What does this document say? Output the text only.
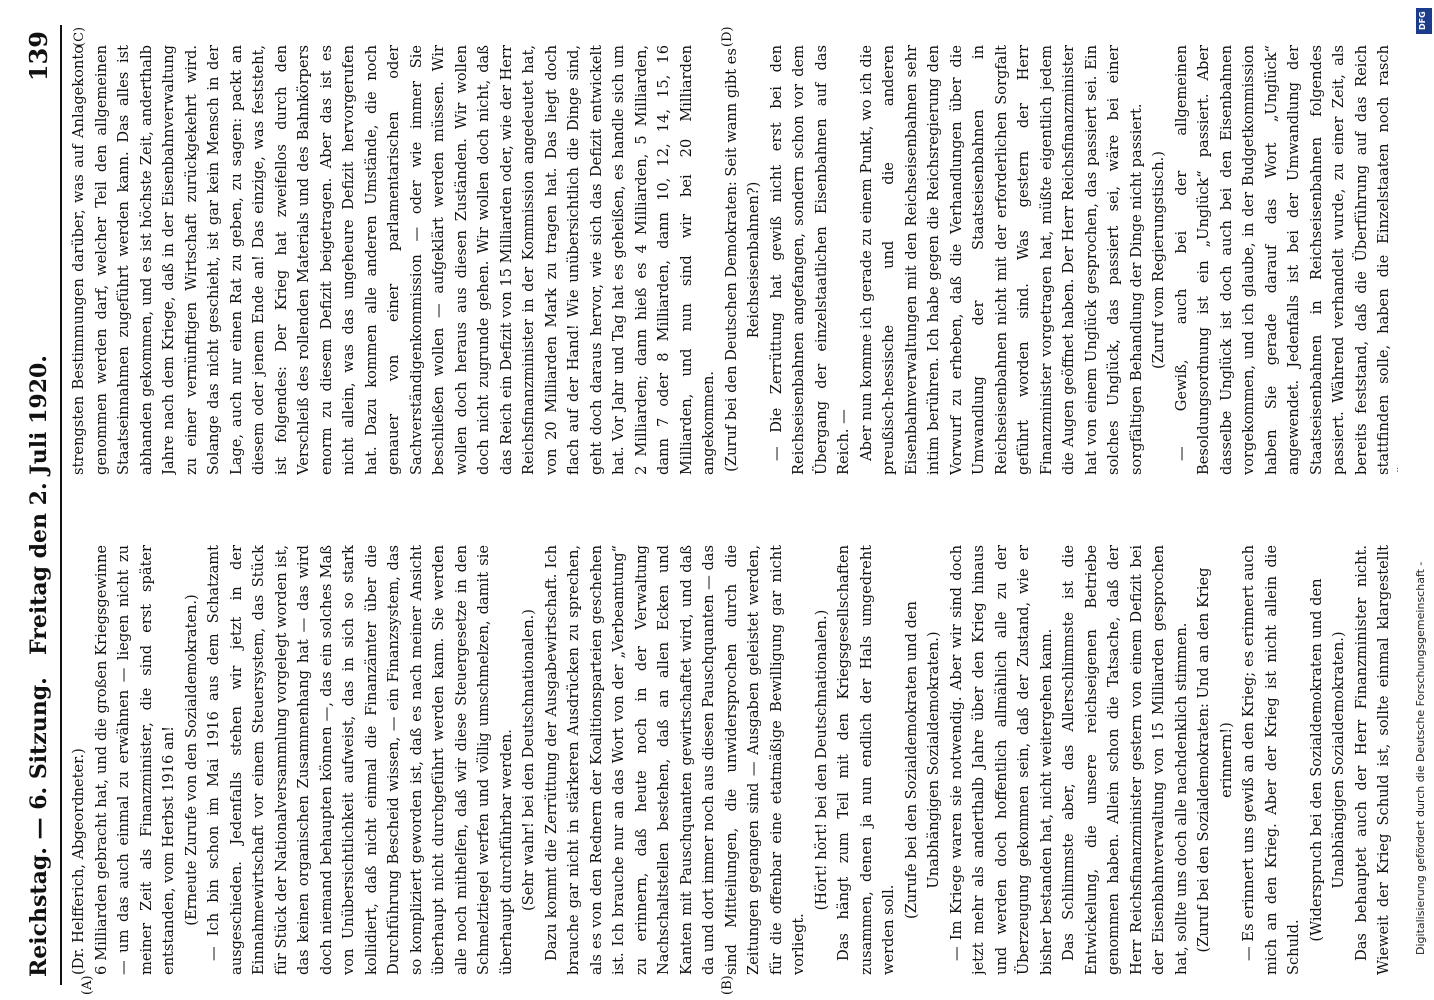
Reichstag. — 6. Sitzung.
Freitag den 2. Juli 1920.
139

(Dr. Helfferich, Abgeordneter.) 6 Milliarden gebracht hat, und die großen Kriegsgewinne — um das auch einmal zu erwähnen — liegen nicht zu meiner Zeit als Finanzminister, die sind erst später entstanden, vom Herbst 1916 an! (Erneute Zurufe von den Sozialdemokraten.) — Ich bin schon im Mai 1916 aus dem Schatzamt ausgeschieden. Jedenfalls stehen wir jetzt in der Einnahmewirtschaft vor einem Steuersystem, das Stück für Stück der Nationalversammlung vorgelegt worden ist, das keinen organischen Zusammenhang hat — das wird doch niemand behaupten können —, das ein solches Maß von Unübersichtlichkeit aufweist, das in sich so stark kollidiert, daß nicht einmal die Finanzämter über die Durchführung Bescheid wissen, — ein Finanzsystem, das so kompliziert geworden ist, daß es nach meiner Ansicht überhaupt nicht durchgeführt werden kann. Sie werden alle noch mithelfen, daß wir diese Steuergesetze in den Schmelztiegel werfen und völlig umschmelzen, damit sie überhaupt durchführbar werden. (Sehr wahr! bei den Deutschnationalen.) Dazu kommt die Zerrüttung der Ausgabewirtschaft. Ich brauche gar nicht in stärkeren Ausdrücken zu sprechen, als es von den Rednern der Koalitionsparteien geschehen ist. Ich brauche nur an das Wort von der „Verbeamtung“ zu erinnern, daß heute noch in der Verwaltung Nachschaltstellen bestehen, daß an allen Ecken und Kanten mit Pauschquanten gewirtschaftet wird, und daß da und dort immer noch aus diesen Pauschquanten — das sind Mitteilungen, die unwidersprochen durch die Zeitungen gegangen sind — Ausgaben geleistet werden, für die offenbar eine etatmäßige Bewilligung gar nicht vorliegt.

(Hört! hört! bei den Deutschnationalen.) Das hängt zum Teil mit den Kriegsgesellschaften zusammen, denen ja nun endlich der Hals umgedreht werden soll.

(Zurufe bei den Sozialdemokraten und den Unabhängigen Sozialdemokraten.) — Im Kriege waren sie notwendig. Aber wir sind doch jetzt mehr als anderthalb Jahre über den Krieg hinaus und werden doch hoffentlich allmählich alle zu der Überzeugung gekommen sein, daß der Zustand, wie er bisher bestanden hat, nicht weitergehen kann. Das Schlimmste aber, das Allerschlimmste ist die Entwickelung, die unsere reichseigenen Betriebe genommen haben. Allein schon die Tatsache, daß der Herr Reichsfinanzminister gestern von einem Defizit bei der Eisenbahnverwaltung von 15 Milliarden gesprochen hat, sollte uns doch alle nachdenklich stimmen. (Zuruf bei den Sozialdemokraten: Und an den Krieg erinnern!) — Es erinnert uns gewiß an den Krieg; es erinnert auch mich an den Krieg. Aber der Krieg ist nicht allein die Schuld.

(Widerspruch bei den Sozialdemokraten und den Unabhängigen Sozialdemokraten.)

Das behauptet auch der Herr Finanzminister nicht. Wieweit der Krieg Schuld ist, sollte einmal klargestellt

strengsten Bestimmungen darüber, was auf Anlagekonto genommen werden darf, welcher Teil den allgemeinen Staatseinnahmen zugeführt werden kann. Das alles ist abhanden gekommen, und es ist höchste Zeit, anderthalb Jahre nach dem Kriege, daß in der Eisenbahnverwaltung zu einer vernünftigen Wirtschaft zurückgekehrt wird. Solange das nicht geschieht, ist gar kein Mensch in der Lage, auch nur einen Rat zu geben, zu sagen: packt an diesem oder jenem Ende an! Das einzige, was feststeht, ist folgendes: Der Krieg hat zweifellos durch den Verschleiß des rollenden Materials und des Bahnkörpers enorm zu diesem Defizit beigetragen. Aber das ist es nicht allein, was das ungeheure Defizit hervorgerufen hat. Dazu kommen alle anderen Umstände, die noch genauer von einer parlamentarischen oder Sachverständigenkommission — oder wie immer Sie beschließen wollen — aufgeklärt werden müssen. Wir wollen doch heraus aus diesen Zuständen. Wir wollen doch nicht zugrunde gehen. Wir wollen doch nicht, daß das Reich ein Defizit von 15 Milliarden oder, wie der Herr Reichsfinanzminister in der Kommission angedeutet hat, von 20 Milliarden Mark zu tragen hat. Das liegt doch flach auf der Hand! Wie unübersichtlich die Dinge sind, geht doch daraus hervor, wie sich das Defizit entwickelt hat. Vor Jahr und Tag hat es geheißen, es handle sich um 2 Milliarden; dann hieß es 4 Milliarden, 5 Milliarden, dann 7 oder 8 Milliarden, dann 10, 12, 14, 15, 16 Milliarden, und nun sind wir bei 20 Milliarden angekommen. (Zuruf bei den Deutschen Demokraten: Seit wann gibt es Reichseisenbahnen?) — Die Zerrüttung hat gewiß nicht erst bei den Reichseisenbahnen angefangen, sondern schon vor dem Übergang der einzelstaatlichen Eisenbahnen auf das Reich. — Aber nun komme ich gerade zu einem Punkt, wo ich die preußisch-hessische und die anderen Eisenbahnverwaltungen mit den Reichseisenbahnen sehr intim berühren. Ich habe gegen die Reichsregierung den Vorwurf zu erheben, daß die Verhandlungen über die Umwandlung der Staatseisenbahnen in Reichseisenbahnen nicht mit der erforderlichen Sorgfalt geführt worden sind. Was gestern der Herr Finanzminister vorgetragen hat, müßte eigentlich jedem die Augen geöffnet haben. Der Herr Reichsfinanzminister hat von einem Unglück gesprochen, das passiert sei. Ein solches Unglück, das passiert sei, wäre bei einer sorgfältigen Behandlung der Dinge nicht passiert. (Zuruf vom Regierungstisch.)

— Gewiß, auch bei der allgemeinen Besoldungsordnung ist ein „Unglück“ passiert. Aber dasselbe Unglück ist doch auch bei den Eisenbahnen vorgekommen, und ich glaube, in der Budgetkommission haben Sie gerade darauf das Wort „Unglück“ angewendet. Jedenfalls ist bei der Umwandlung der Staatseisenbahnen in Reichseisenbahnen folgendes passiert. Während verhandelt wurde, zu einer Zeit, als bereits feststand, daß die Überführung auf das Reich stattfinden solle, haben die Einzelstaaten noch rasch

(A)	(B)
(C)	(D)
Digitalisierung gefördert durch die Deutsche Forschungsgemeinschaft -
DFG
